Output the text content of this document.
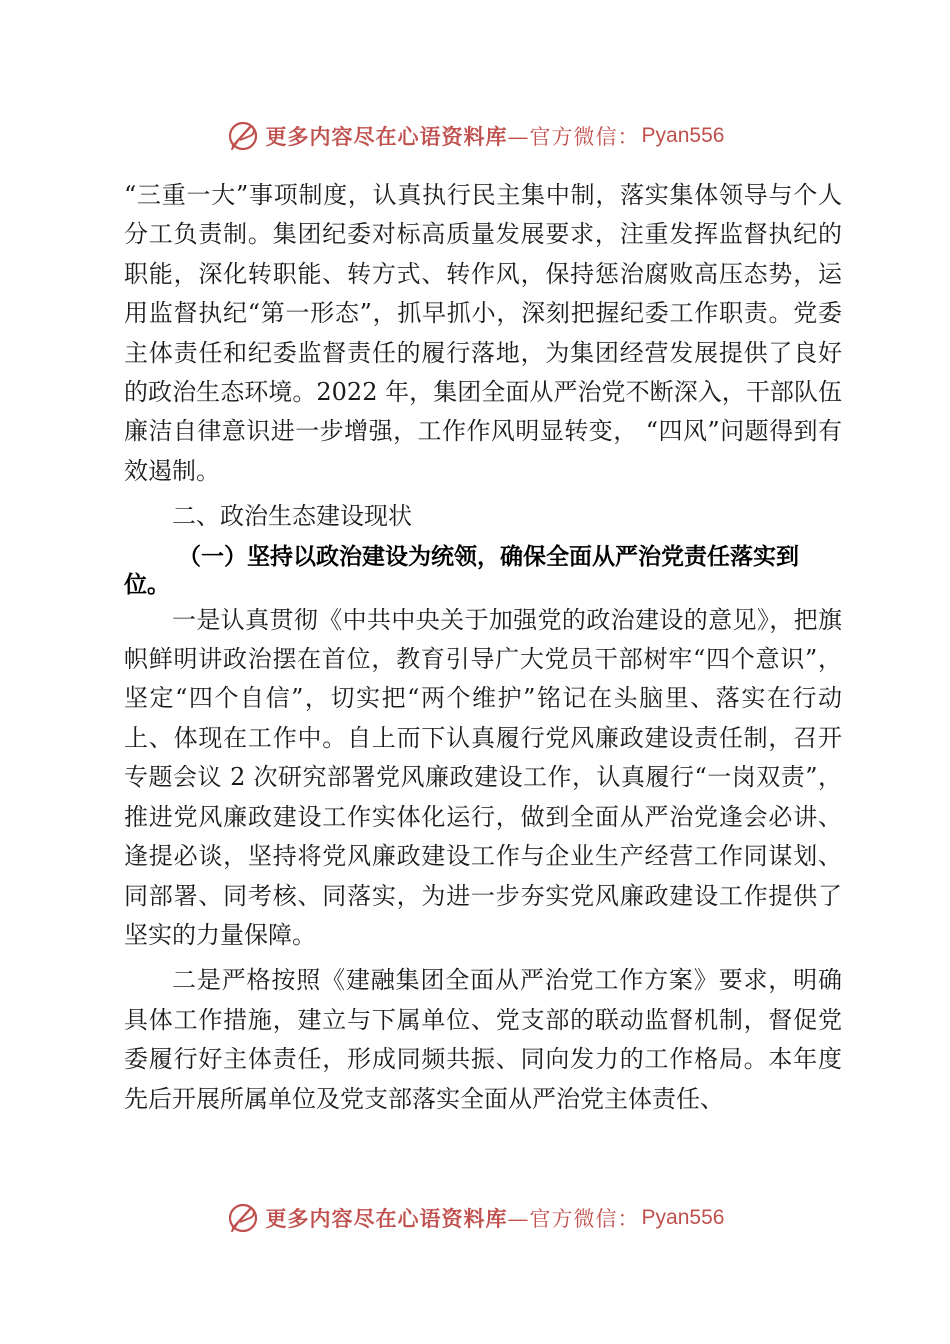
更多内容尽在心语资料库 —官方微信： Pyan556

“三重一大”事项制度，认真执行民主集中制，落实集体领导与个人分工负责制。集团纪委对标高质量发展要求，注重发挥监督执纪的职能，深化转职能、转方式、转作风，保持惩治腐败高压态势，运用监督执纪“第一形态”，抓早抓小，深刻把握纪委工作职责。党委主体责任和纪委监督责任的履行落地，为集团经营发展提供了良好的政治生态环境。2022 年，集团全面从严治党不断深入，干部队伍廉洁自律意识进一步增强，工作作风明显转变， “四风”问题得到有效遏制。

二、政治生态建设现状

（一）坚持以政治建设为统领，确保全面从严治党责任落实到位。

一是认真贯彻《中共中央关于加强党的政治建设的意见》，把旗帜鲜明讲政治摆在首位，教育引导广大党员干部树牢“四个意识”，坚定“四个自信”，切实把“两个维护”铭记在头脑里、落实在行动上、体现在工作中。自上而下认真履行党风廉政建设责任制，召开专题会议 2 次研究部署党风廉政建设工作，认真履行“一岗双责”，推进党风廉政建设工作实体化运行，做到全面从严治党逢会必讲、逢提必谈，坚持将党风廉政建设工作与企业生产经营工作同谋划、同部署、同考核、同落实，为进一步夯实党风廉政建设工作提供了坚实的力量保障。

二是严格按照《建融集团全面从严治党工作方案》要求，明确具体工作措施，建立与下属单位、党支部的联动监督机制，督促党委履行好主体责任，形成同频共振、同向发力的工作格局。本年度先后开展所属单位及党支部落实全面从严治党主体责任、

更多内容尽在心语资料库 —官方微信： Pyan556
